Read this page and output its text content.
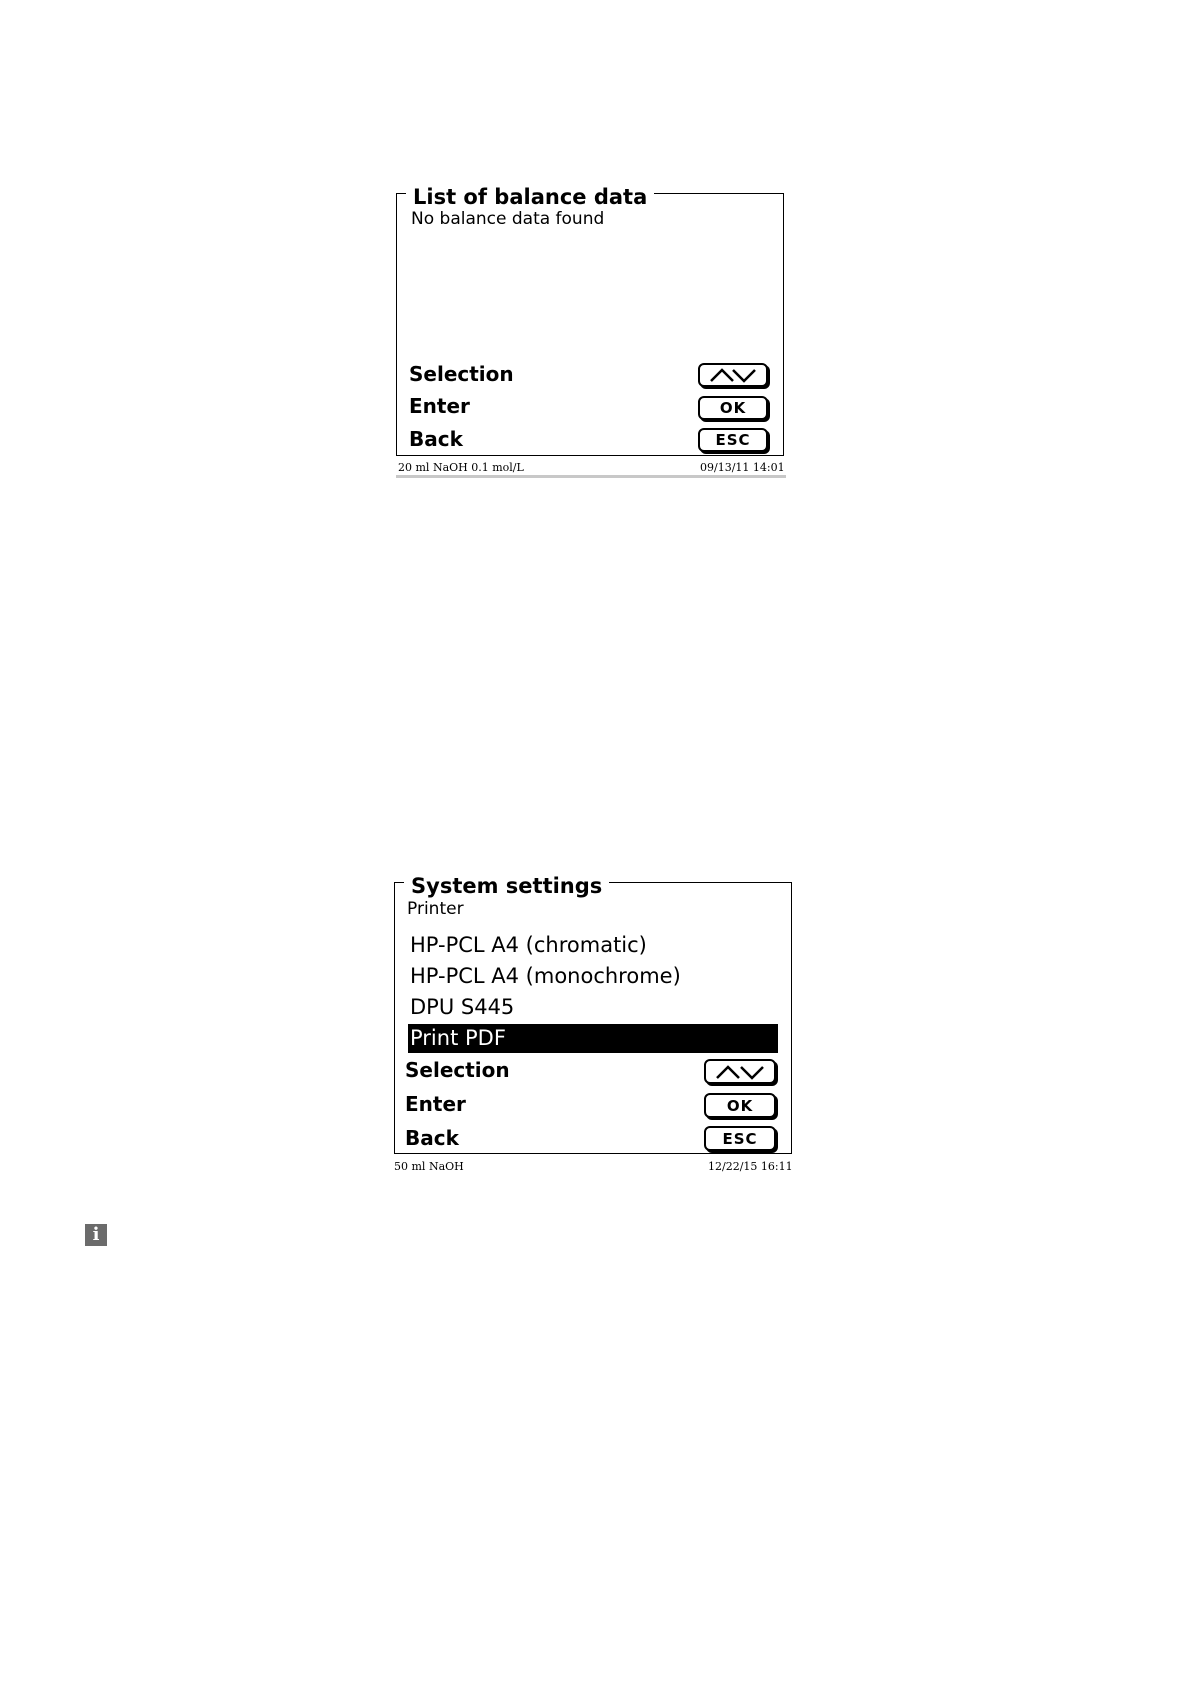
List of balance data
No balance data found
Selection
Enter	OK
Back	ESC
20 ml NaOH 0.1 mol/L	09/13/11 14:01
System settings
Printer
HP-PCL A4 (chromatic)
HP-PCL A4 (monochrome)
DPU S445
Print PDF
Selection
Enter	OK
Back	ESC
50 ml NaOH	12/22/15 16:11
i
